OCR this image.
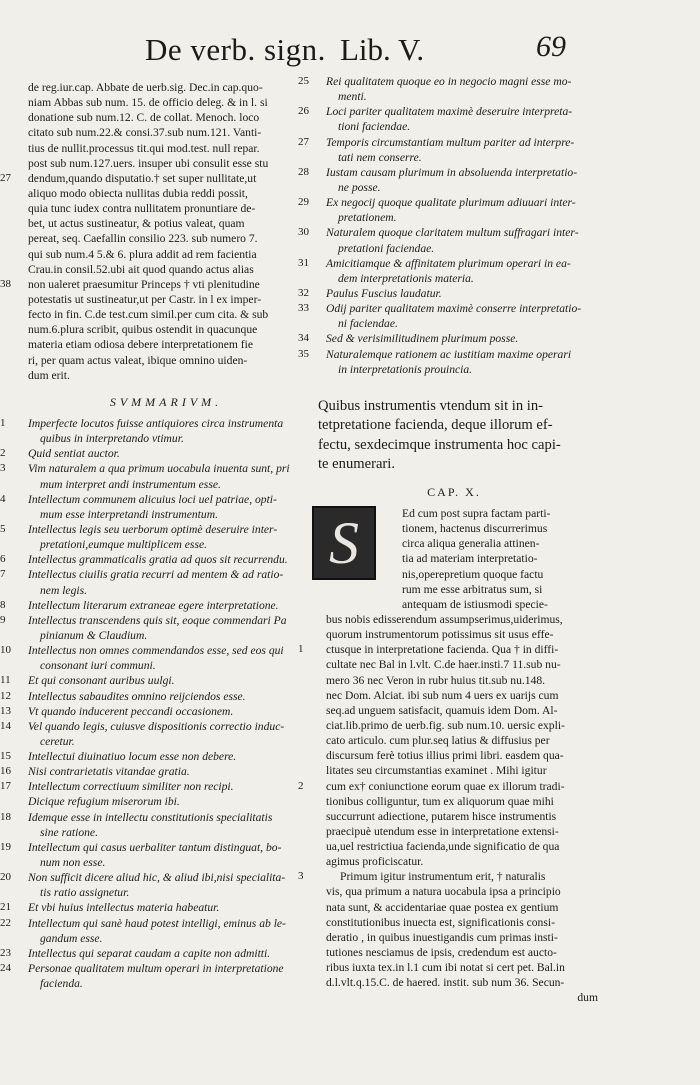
De verb. sign. Lib. V.	69
de reg.iur.cap. Abbate de uerb.sig. Dec.in cap.quo-
niam Abbas sub num. 15. de officio deleg. & in l. si
donatione sub num.12. C. de collat. Menoch. loco
citato sub num.22.& consi.37.sub num.121. Vanti-
tius de nullit.processus tit.qui mod.test. null repar.
post sub num.127.uers. insuper ubi consulit esse stu
27	dendum,quando disputatio.† set super nullitate,ut
aliquo modo obiecta nullitas dubia reddi possit,
quia tunc iudex contra nullitatem pronuntiare de-
bet, ut actus sustineatur, & potius valeat, quam
pereat, seq. Caefallin consilio 223. sub numero 7.
qui sub num.4 5.& 6. plura addit ad rem facientia
Crau.in consil.52.ubi ait quod quando actus alias
38	non ualeret praesumitur Princeps † vti plenitudine
potestatis ut sustineatur,ut per Castr. in l ex imper-
fecto in fin. C.de test.cum simil.per cum cita. & sub
num.6.plura scribit, quibus ostendit in quacunque
materia etiam odiosa debere interpretationem fie
ri, per quam actus valeat, ibique omnino uiden-
dum erit.
SVMMARIVM.
1	Imperfecte locutos fuisse antiquiores circa instrumenta
quibus in interpretando vtimur.
2	Quid sentiat auctor.
3	Vim naturalem a qua primum uocabula inuenta sunt, pri
mum interpret andi instrumentum esse.
4	Intellectum communem alicuius loci uel patriae, opti-
mum esse interpretandi instrumentum.
5	Intellectus legis seu uerborum optimè deseruire inter-
pretationi,eumque multiplicem esse.
6	Intellectus grammaticalis gratia ad quos sit recurrendu.
7	Intellectus ciuilis gratia recurri ad mentem & ad ratio-
nem legis.
8	Intellectum literarum extraneae egere interpretatione.
9	Intellectus transcendens quis sit, eoque commendari Pa
pinianum & Claudium.
10	Intellectus non omnes commendandos esse, sed eos qui
consonant iuri communi.
11	Et qui consonant auribus uulgi.
12	Intellectus sabaudites omnino reijciendos esse.
13	Vt quando inducerent peccandi occasionem.
14	Vel quando legis, cuiusve dispositionis correctio induc-
ceretur.
15	Intellectui diuinatiuo locum esse non debere.
16	Nisi contrarietatis vitandae gratia.
17	Intellectum correctiuum similiter non recipi.
Dicique refugium miserorum ibi.
18	Idemque esse in intellectu constitutionis specialitatis
sine ratione.
19	Intellectum qui casus uerbaliter tantum distinguat, bo-
num non esse.
20	Non sufficit dicere aliud hic, & aliud ibi,nisi specialita-
tis ratio assignetur.
21	Et vbi huius intellectus materia habeatur.
22	Intellectum qui sanè haud potest intelligi, eminus ab le-
gandum esse.
23	Intellectus qui separat caudam a capite non admitti.
24	Personae qualitatem multum operari in interpretatione
facienda.
25	Rei qualitatem quoque eo in negocio magni esse mo-
menti.
26	Loci pariter qualitatem maximè deseruire interpreta-
tioni faciendae.
27	Temporis circumstantiam multum pariter ad interpre-
tati nem conserre.
28	Iustam causam plurimum in absoluenda interpretatio-
ne posse.
29	Ex negocij quoque qualitate plurimum adiuuari inter-
pretationem.
30	Naturalem quoque claritatem multum suffragari inter-
pretationi faciendae.
31	Amicitiamque & affinitatem plurimum operari in ea-
dem interpretationis materia.
32	Paulus Fuscius laudatur.
33	Odij pariter qualitatem maximè conserre interpretatio-
ni faciendae.
34	Sed & verisimilitudinem plurimum posse.
35	Naturalemque rationem ac iustitiam maxime operari
in interpretationis prouincia.
Quibus instrumentis vtendum sit in in-
tetpretatione facienda, deque illorum ef-
fectu, sexdecimque instrumenta hoc capi-
te enumerari.
CAP. X.
S	Ed cum post supra factam parti-
tionem, hactenus discurrerimus
circa aliqua generalia attinen-
tia ad materiam interpretatio-
nis,operepretium quoque factu
rum me esse arbitratus sum, si
antequam de istiusmodi specie-
bus nobis edisserendum assumpserimus,uiderimus,
quorum instrumentorum potissimus sit usus effe-
1	ctusque in interpretatione facienda. Qua † in diffi-
cultate nec Bal in l.vlt. C.de haer.insti.7 11.sub nu-
mero 36 nec Veron in rubr huius tit.sub nu.148.
nec Dom. Alciat. ibi sub num 4 uers ex uarijs cum
seq.ad unguem satisfacit, quamuis idem Dom. Al-
ciat.lib.primo de uerb.fig. sub num.10. uersic expli-
cato articulo. cum plur.seq latius & diffusius per
discursum ferè totius illius primi libri. easdem qua-
litates seu circumstantias examinet . Mihi igitur
2	cum ex† coniunctione eorum quae ex illorum tradi-
tionibus colliguntur, tum ex aliquorum quae mihi
succurrunt adiectione, putarem hisce instrumentis
praecipuè utendum esse in interpretatione extensi-
ua,uel restrictiua facienda,unde significatio de qua
agimus proficiscatur.
3	Primum igitur instrumentum erit, † naturalis
vis, qua primum a natura uocabula ipsa a principio
nata sunt, & accidentariae quae postea ex gentium
constitutionibus inuecta est, significationis consi-
deratio , in quibus inuestigandis cum primas insti-
tutiones nesciamus de ipsis, credendum est aucto-
ribus iuxta tex.in l.1 cum ibi notat si cert pet. Bal.in
d.l.vlt.q.15.C. de haered. instit. sub num 36. Secun-
dum
